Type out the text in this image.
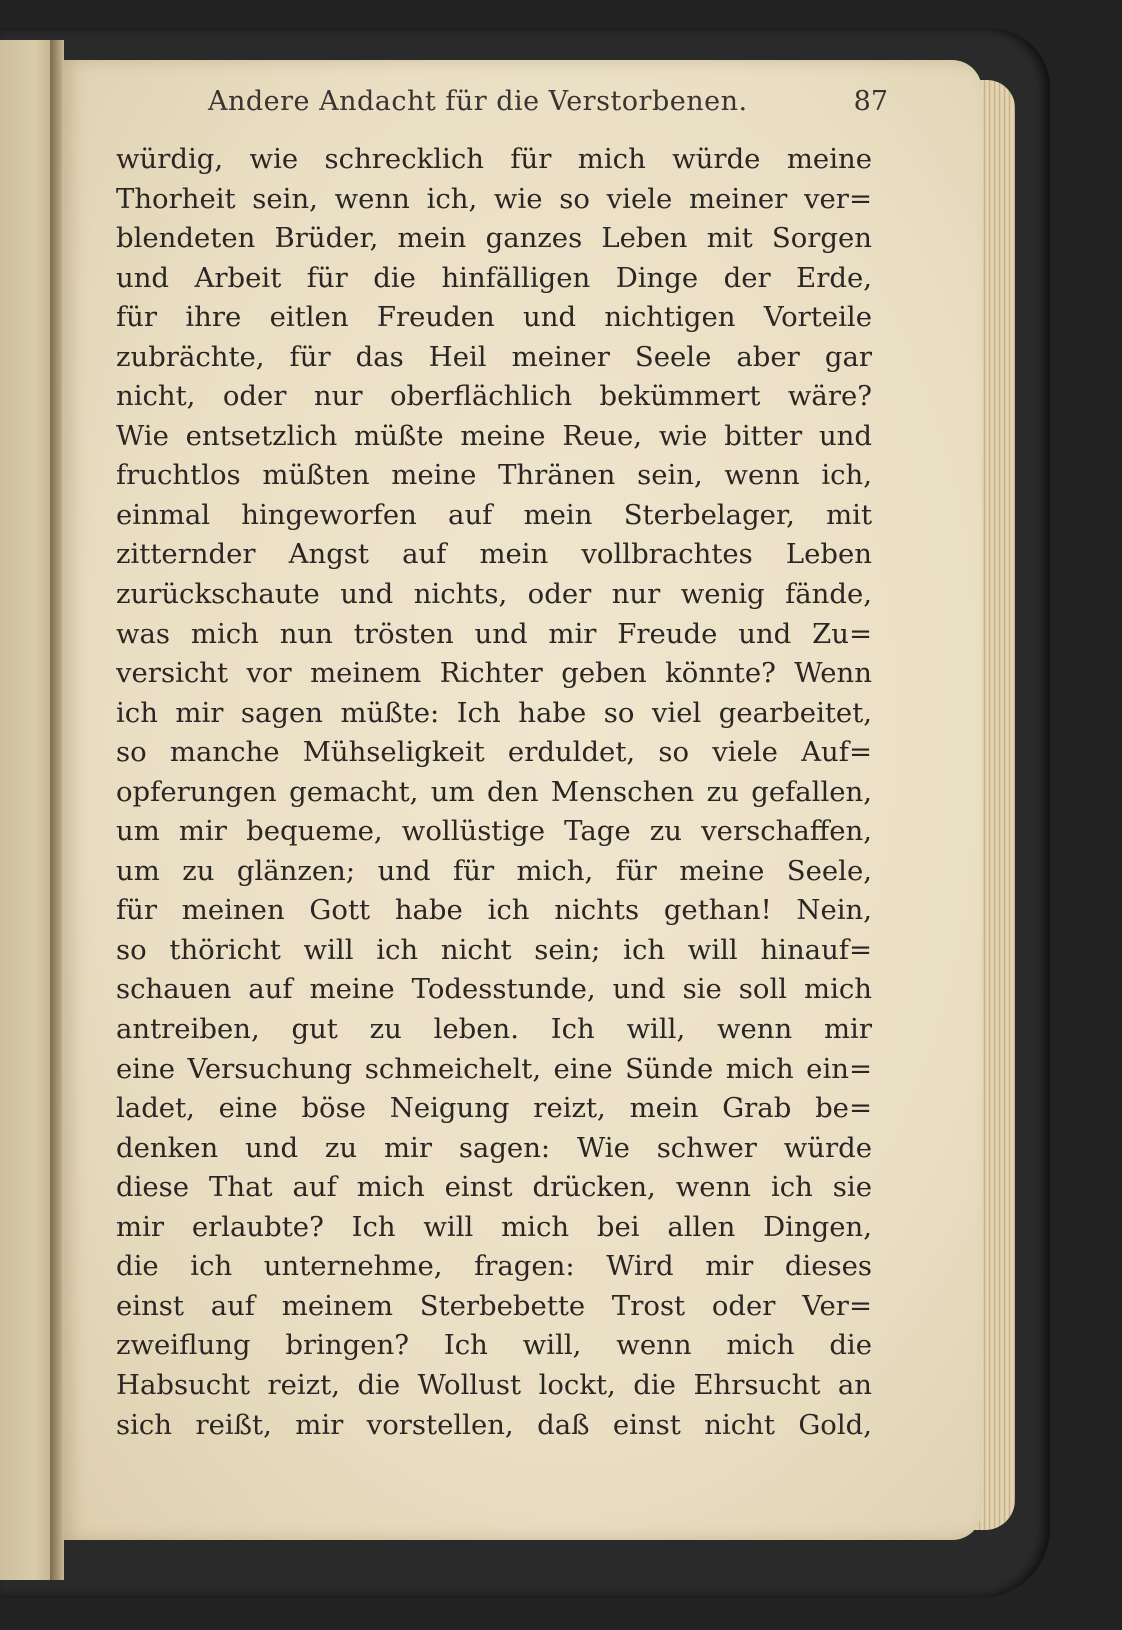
Andere Andacht für die Verstorbenen.	87
würdig, wie schrecklich für mich würde meine
Thorheit sein, wenn ich, wie so viele meiner ver=
blendeten Brüder, mein ganzes Leben mit Sorgen
und Arbeit für die hinfälligen Dinge der Erde,
für ihre eitlen Freuden und nichtigen Vorteile
zubrächte, für das Heil meiner Seele aber gar
nicht, oder nur oberflächlich bekümmert wäre?
Wie entsetzlich müßte meine Reue, wie bitter und
fruchtlos müßten meine Thränen sein, wenn ich,
einmal hingeworfen auf mein Sterbelager, mit
zitternder Angst auf mein vollbrachtes Leben
zurückschaute und nichts, oder nur wenig fände,
was mich nun trösten und mir Freude und Zu=
versicht vor meinem Richter geben könnte? Wenn
ich mir sagen müßte: Ich habe so viel gearbeitet,
so manche Mühseligkeit erduldet, so viele Auf=
opferungen gemacht, um den Menschen zu gefallen,
um mir bequeme, wollüstige Tage zu verschaffen,
um zu glänzen; und für mich, für meine Seele,
für meinen Gott habe ich nichts gethan! Nein,
so thöricht will ich nicht sein; ich will hinauf=
schauen auf meine Todesstunde, und sie soll mich
antreiben, gut zu leben. Ich will, wenn mir
eine Versuchung schmeichelt, eine Sünde mich ein=
ladet, eine böse Neigung reizt, mein Grab be=
denken und zu mir sagen: Wie schwer würde
diese That auf mich einst drücken, wenn ich sie
mir erlaubte? Ich will mich bei allen Dingen,
die ich unternehme, fragen: Wird mir dieses
einst auf meinem Sterbebette Trost oder Ver=
zweiflung bringen? Ich will, wenn mich die
Habsucht reizt, die Wollust lockt, die Ehrsucht an
sich reißt, mir vorstellen, daß einst nicht Gold,
